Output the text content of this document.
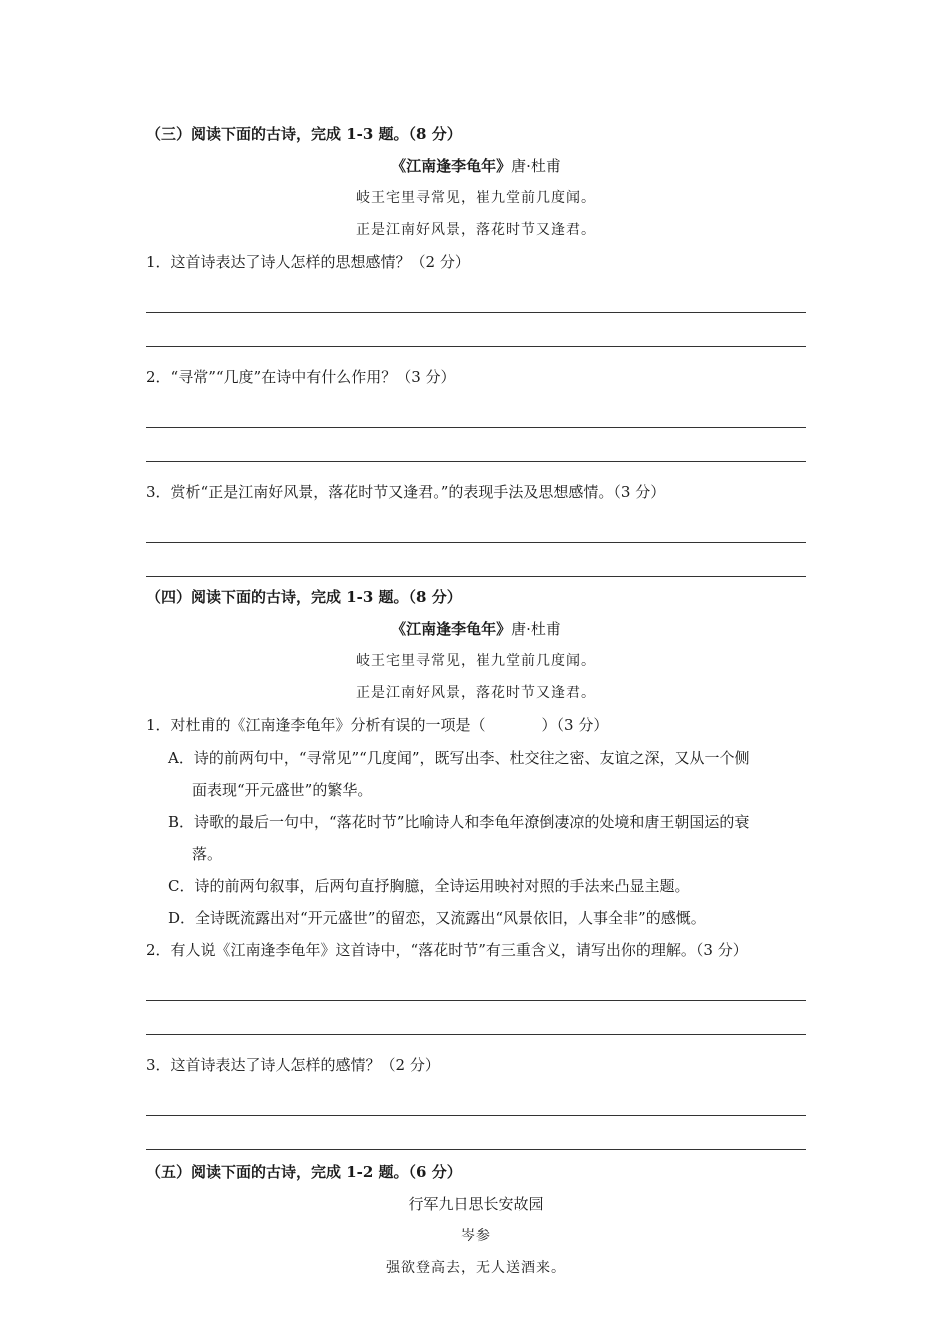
（三）阅读下面的古诗，完成 1-3 题。（8 分）
《江南逢李龟年》唐·杜甫
岐王宅里寻常见，崔九堂前几度闻。
正是江南好风景，落花时节又逢君。
1．这首诗表达了诗人怎样的思想感情？（2 分）
2．“寻常”“几度”在诗中有什么作用？（3 分）
3．赏析“正是江南好风景，落花时节又逢君。”的表现手法及思想感情。（3 分）
（四）阅读下面的古诗，完成 1-3 题。（8 分）
《江南逢李龟年》唐·杜甫
岐王宅里寻常见，崔九堂前几度闻。
正是江南好风景，落花时节又逢君。
1．对杜甫的《江南逢李龟年》分析有误的一项是（	）（3 分）
A．诗的前两句中，“寻常见”“几度闻”，既写出李、杜交往之密、友谊之深，又从一个侧
面表现“开元盛世”的繁华。
B．诗歌的最后一句中，“落花时节”比喻诗人和李龟年潦倒凄凉的处境和唐王朝国运的衰
落。
C．诗的前两句叙事，后两句直抒胸臆，全诗运用映衬对照的手法来凸显主题。
D．全诗既流露出对“开元盛世”的留恋，又流露出“风景依旧，人事全非”的感慨。
2．有人说《江南逢李龟年》这首诗中，“落花时节”有三重含义，请写出你的理解。（3 分）
3．这首诗表达了诗人怎样的感情？（2 分）
（五）阅读下面的古诗，完成 1-2 题。（6 分）
行军九日思长安故园
岑参
强欲登高去，无人送酒来。
